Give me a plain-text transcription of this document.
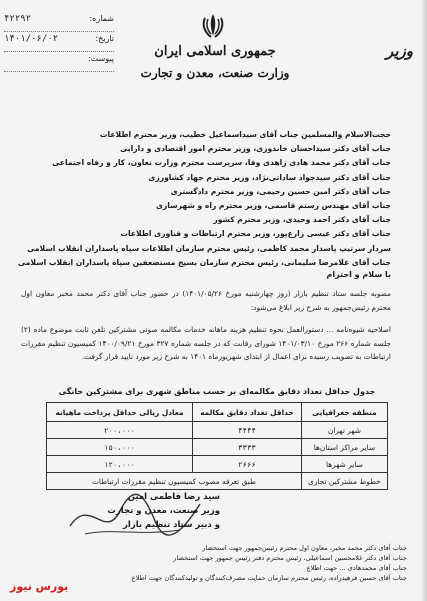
شماره:
۴۲۲۹۲
تاریخ:
۱۴۰۱/۰۶/۰۲
پیوست:	جمهوری اسلامی ایران
وزارت صنعت، معدن و تجارت
وزیر
حجت‌الاسلام والمسلمین جناب آقای سیداسماعیل خطیب، وزیر محترم اطلاعات
جناب آقای دکتر سیداحسان خاندوزی، وزیر محترم امور اقتصادی و دارایی
جناب آقای دکتر محمد هادی زاهدی وفا، سرپرست محترم وزارت تعاون، کار و رفاه اجتماعی
جناب آقای دکتر سیدجواد ساداتی‌نژاد، وزیر محترم جهاد کشاورزی
جناب آقای دکتر امین حسین رحیمی، وزیر محترم دادگستری
جناب آقای مهندس رستم قاسمی، وزیر محترم راه و شهرسازی
جناب آقای دکتر احمد وحیدی، وزیر محترم کشور
جناب آقای دکتر عیسی زارع‌پور، وزیر محترم ارتباطات و فناوری اطلاعات
سردار سرتیپ پاسدار محمد کاظمی، رئیس محترم سازمان اطلاعات سپاه پاسداران انقلاب اسلامی
جناب آقای غلامرضا سلیمانی، رئیس محترم سازمان بسیج مستضعفین سپاه پاسداران انقلاب اسلامی
با سلام و احترام
مصوبه جلسه ستاد تنظیم بازار (روز چهارشنبه مورخ ۱۴۰۱/۰۵/۲۶) در حضور جناب آقای دکتر محمد مخبر معاون اول محترم رئیس‌جمهور به شرح زیر ابلاغ می‌شود:
اصلاحیه شیوه‌نامه ... دستورالعمل نحوه تنظیم هزینه ماهانه خدمات مکالمه صوتی مشترکین تلفن ثابت موضوع ماده (۲) جلسه شماره ۲۶۶ مورخ ۱۴۰۱/۰۳/۱۰ شورای رقابت که در جلسه شماره ۳۲۷ مورخ ۱۴۰۰/۰۹/۲۱ کمیسیون تنظیم مقررات ارتباطات به تصویب رسیده برای اعمال از ابتدای شهریورماه ۱۴۰۱ به شرح زیر مورد تایید قرار گرفت.
جدول حداقل تعداد دقایق مکالمه‌ای بر حسب مناطق شهری برای مشترکین خانگی
منطقه جغرافیایی	حداقل تعداد دقایق مکالمه	معادل ریالی حداقل پرداخت ماهیانه
شهر تهران	۴۴۴۴	۲۰۰،۰۰۰
سایر مراکز استان‌ها	۳۳۳۳	۱۵۰،۰۰۰
سایر شهرها	۲۶۶۶	۱۲۰،۰۰۰
خطوط مشترکین تجاری	طبق تعرفه مصوب کمیسیون تنظیم مقررات ارتباطات	
سید رضا فاطمی امین
وزیر صنعت، معدن و تجارت
و دبیر ستاد تنظیم بازار
جناب آقای دکتر محمد مخبر، معاون اول محترم رئیس‌جمهور جهت استحضار
جناب آقای دکتر غلامحسین اسماعیلی، رئیس محترم دفتر رئیس جمهور جهت استحضار
جناب آقای محمدهادی ... جهت اطلاع
جناب آقای حسین فرهیدزاده، رئیس محترم سازمان حمایت مصرف‌کنندگان و تولیدکنندگان جهت اطلاع
بورس نیوز
